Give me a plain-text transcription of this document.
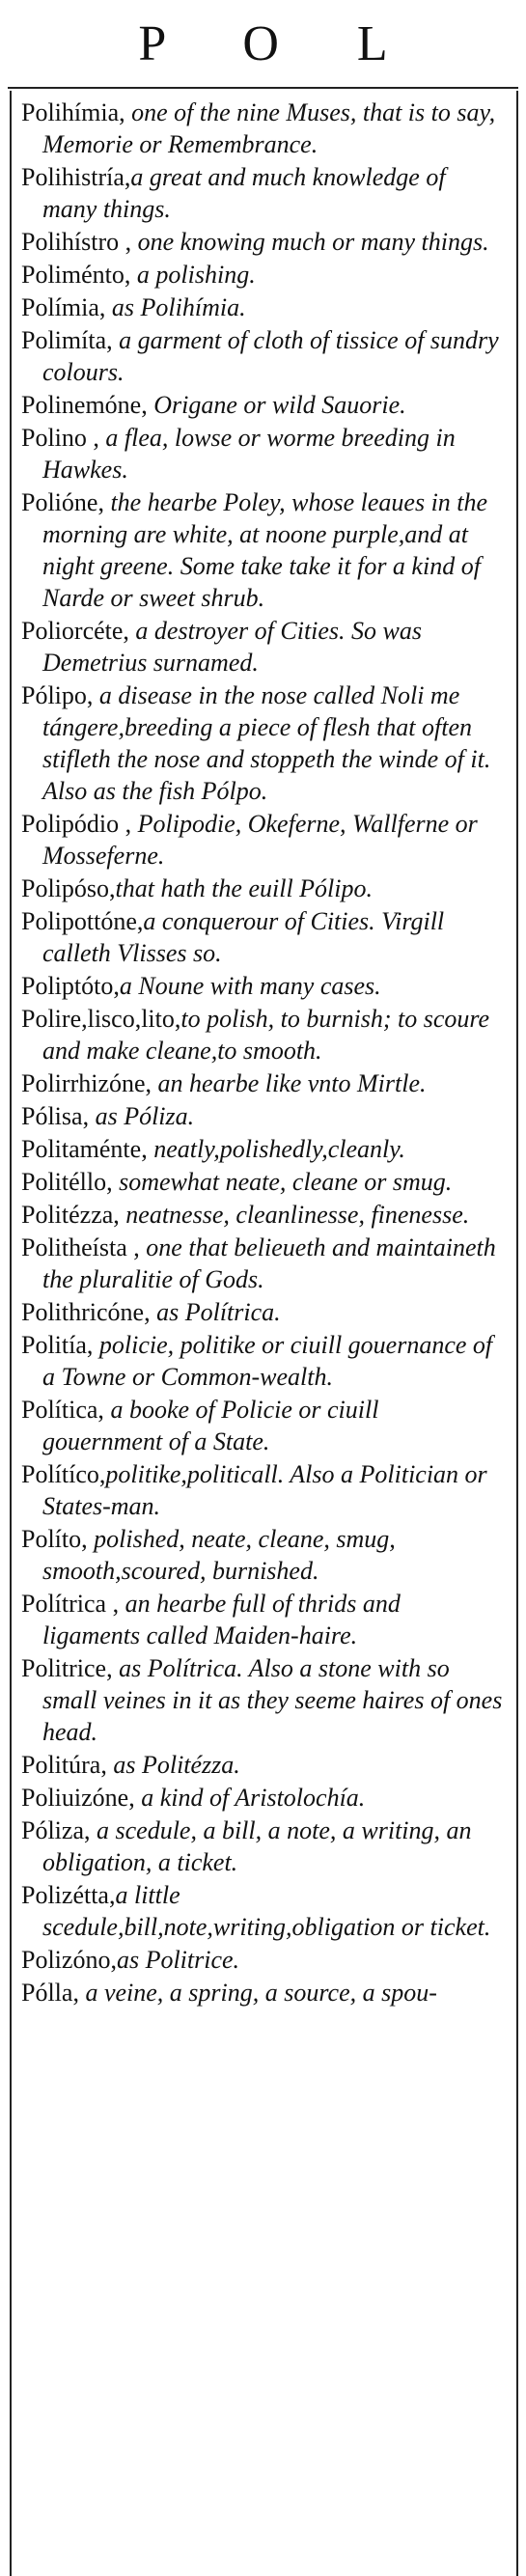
P O L
Polihímia, one of the nine Muses, that is to say, Memorie or Remembrance.
Polihistría,a great and much knowledge of many things.
Polihístro , one knowing much or many things.
Poliménto, a polishing.
Polímia, as Polihímia.
Polimíta, a garment of cloth of tissice of sundry colours.
Polinemóne, Origane or wild Sauorie.
Polino , a flea, lowse or worme breeding in Hawkes.
Polióne, the hearbe Poley, whose leaues in the morning are white, at noone purple,and at night greene. Some take take it for a kind of Narde or sweet shrub.
Poliorcéte, a destroyer of Cities. So was Demetrius surnamed.
Pólipo, a disease in the nose called Noli me tángere,breeding a piece of flesh that often stifleth the nose and stoppeth the winde of it. Also as the fish Pólpo.
Polipódio , Polipodie, Okeferne, Wallferne or Mosseferne.
Polipóso,that hath the euill Pólipo.
Polipottóne,a conquerour of Cities. Virgill calleth Vlisses so.
Poliptóto,a Noune with many cases.
Polire,lisco,lito,to polish, to burnish; to scoure and make cleane,to smooth.
Polirrhizóne, an hearbe like vnto Mirtle.
Pólisa, as Póliza.
Politaménte, neatly,polishedly,cleanly.
Politéllo, somewhat neate, cleane or smug.
Politézza, neatnesse, cleanlinesse, finenesse.
Politheísta , one that belieueth and maintaineth the pluralitie of Gods.
Polithricóne, as Polítrica.
Politía, policie, politike or ciuill gouernance of a Towne or Common-wealth.
Política, a booke of Policie or ciuill gouernment of a State.
Polítíco,politike,politicall. Also a Politician or States-man.
Políto, polished, neate, cleane, smug, smooth,scoured, burnished.
Polítrica , an hearbe full of thrids and ligaments called Maiden-haire.
Politrice, as Polítrica. Also a stone with so small veines in it as they seeme haires of ones head.
Politúra, as Politézza.
Poliuizóne, a kind of Aristolochía.
Póliza, a scedule, a bill, a note, a writing, an obligation, a ticket.
Polizétta,a little scedule,bill,note,writing,obligation or ticket.
Polizóno,as Politrice.
Pólla, a veine, a spring, a source, a spou-
